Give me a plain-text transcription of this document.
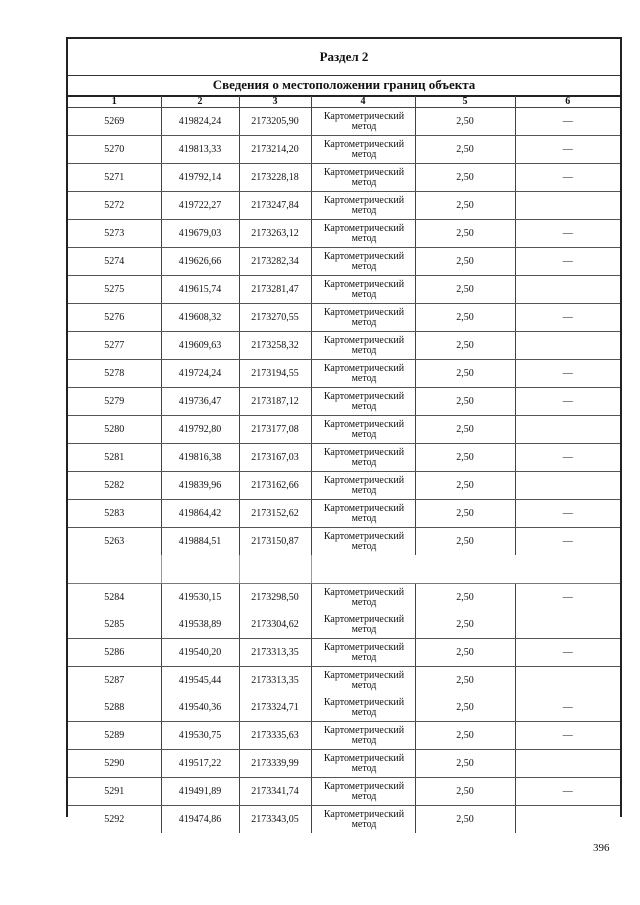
Раздел 2
Сведения о местоположении границ объекта
1	2	3	4	5	6
5269	419824,24	2173205,90	Картометрический метод	2,50	—
5270	419813,33	2173214,20	Картометрический метод	2,50	—
5271	419792,14	2173228,18	Картометрический метод	2,50	—
5272	419722,27	2173247,84	Картометрический метод	2,50	
5273	419679,03	2173263,12	Картометрический метод	2,50	—
5274	419626,66	2173282,34	Картометрический метод	2,50	—
5275	419615,74	2173281,47	Картометрический метод	2,50	
5276	419608,32	2173270,55	Картометрический метод	2,50	—
5277	419609,63	2173258,32	Картометрический метод	2,50	
5278	419724,24	2173194,55	Картометрический метод	2,50	—
5279	419736,47	2173187,12	Картометрический метод	2,50	—
5280	419792,80	2173177,08	Картометрический метод	2,50	
5281	419816,38	2173167,03	Картометрический метод	2,50	—
5282	419839,96	2173162,66	Картометрический метод	2,50	
5283	419864,42	2173152,62	Картометрический метод	2,50	—
5263	419884,51	2173150,87	Картометрический метод	2,50	—

5284	419530,15	2173298,50	Картометрический метод	2,50	—
5285	419538,89	2173304,62	Картометрический метод	2,50	
5286	419540,20	2173313,35	Картометрический метод	2,50	—
5287	419545,44	2173313,35	Картометрический метод	2,50	
5288	419540,36	2173324,71	Картометрический метод	2,50	—
5289	419530,75	2173335,63	Картометрический метод	2,50	—
5290	419517,22	2173339,99	Картометрический метод	2,50	
5291	419491,89	2173341,74	Картометрический метод	2,50	—
5292	419474,86	2173343,05	Картометрический метод	2,50	
396
